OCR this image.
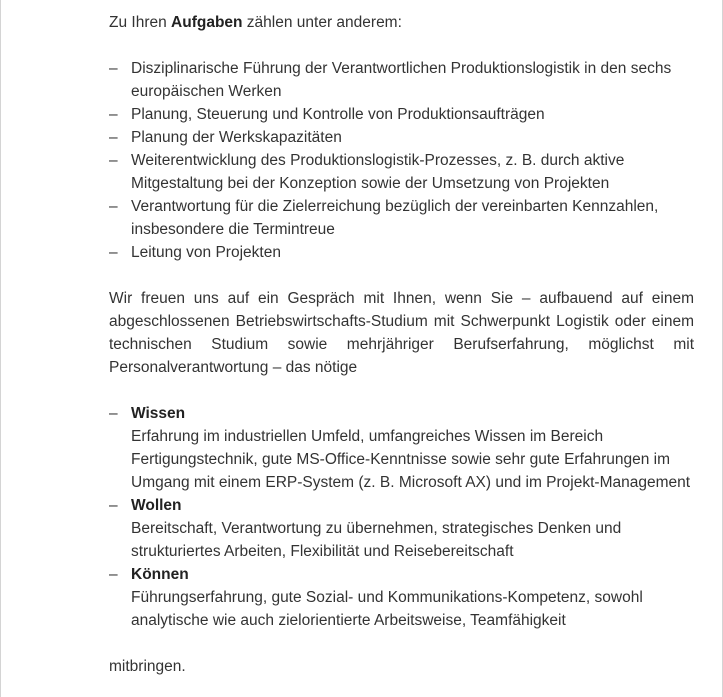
Zu Ihren Aufgaben zählen unter anderem:

– Disziplinarische Führung der Verantwortlichen Produktionslogistik in den sechs europäischen Werken
– Planung, Steuerung und Kontrolle von Produktionsaufträgen
– Planung der Werkskapazitäten
– Weiterentwicklung des Produktionslogistik-Prozesses, z. B. durch aktive Mitgestaltung bei der Konzeption sowie der Umsetzung von Projekten
– Verantwortung für die Zielerreichung bezüglich der vereinbarten Kennzahlen, insbesondere die Termintreue
– Leitung von Projekten

Wir freuen uns auf ein Gespräch mit Ihnen, wenn Sie – aufbauend auf einem abgeschlossenen Betriebswirtschafts-Studium mit Schwerpunkt Logistik oder einem technischen Studium sowie mehrjähriger Berufserfahrung, möglichst mit Personalverantwortung – das nötige

– Wissen
Erfahrung im industriellen Umfeld, umfangreiches Wissen im Bereich Fertigungstechnik, gute MS-Office-Kenntnisse sowie sehr gute Erfahrungen im Umgang mit einem ERP-System (z. B. Microsoft AX) und im Projekt-Management
– Wollen
Bereitschaft, Verantwortung zu übernehmen, strategisches Denken und strukturiertes Arbeiten, Flexibilität und Reisebereitschaft
– Können
Führungserfahrung, gute Sozial- und Kommunikations-Kompetenz, sowohl analytische wie auch zielorientierte Arbeitsweise, Teamfähigkeit

mitbringen.
